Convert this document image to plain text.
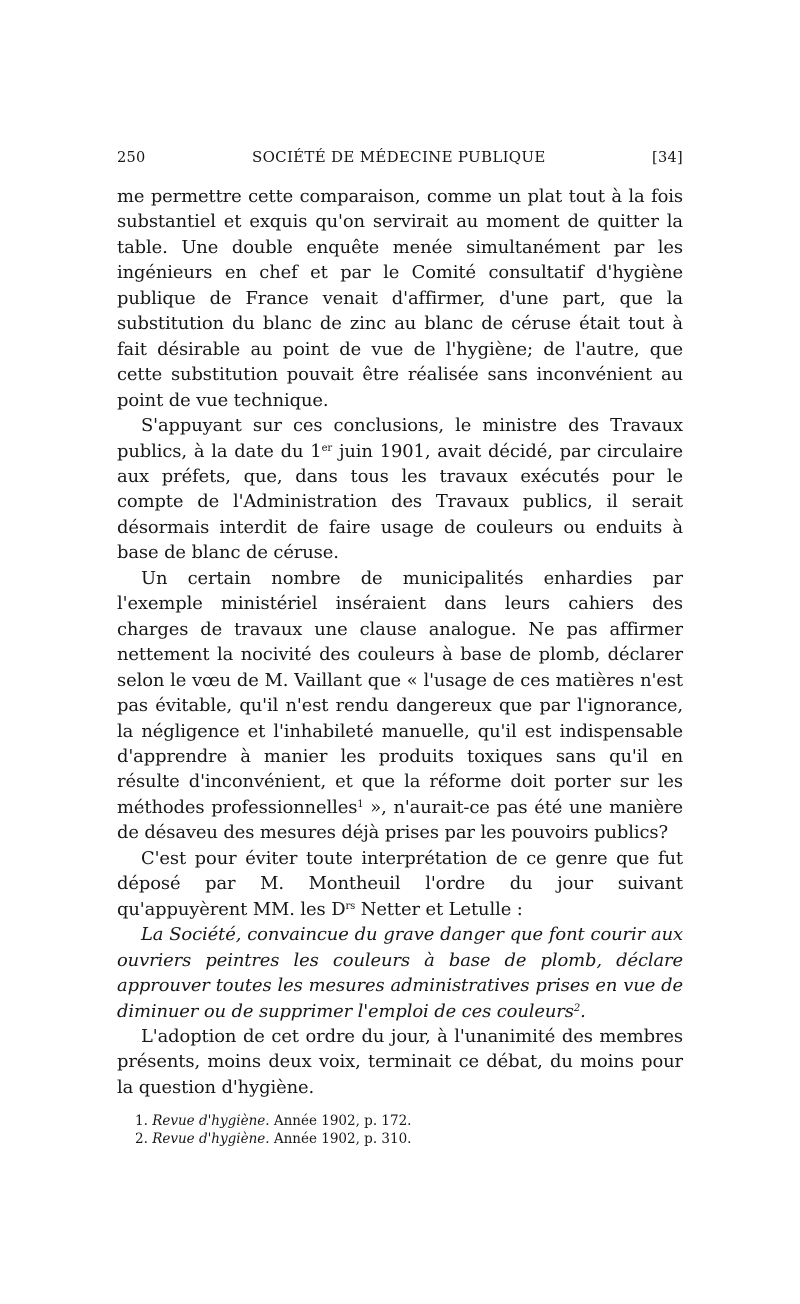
250	SOCIÉTÉ DE MÉDECINE PUBLIQUE	[34]

me permettre cette comparaison, comme un plat tout à la fois substantiel et exquis qu'on servirait au moment de quitter la table. Une double enquête menée simultanément par les ingénieurs en chef et par le Comité consultatif d'hygiène publique de France venait d'affirmer, d'une part, que la substitution du blanc de zinc au blanc de céruse était tout à fait désirable au point de vue de l'hygiène; de l'autre, que cette substitution pouvait être réalisée sans inconvénient au point de vue technique.

S'appuyant sur ces conclusions, le ministre des Travaux publics, à la date du 1er juin 1901, avait décidé, par circulaire aux préfets, que, dans tous les travaux exécutés pour le compte de l'Administration des Travaux publics, il serait désormais interdit de faire usage de couleurs ou enduits à base de blanc de céruse.

Un certain nombre de municipalités enhardies par l'exemple ministériel inséraient dans leurs cahiers des charges de travaux une clause analogue. Ne pas affirmer nettement la nocivité des couleurs à base de plomb, déclarer selon le vœu de M. Vaillant que « l'usage de ces matières n'est pas évitable, qu'il n'est rendu dangereux que par l'ignorance, la négligence et l'inhabileté manuelle, qu'il est indispensable d'apprendre à manier les produits toxiques sans qu'il en résulte d'inconvénient, et que la réforme doit porter sur les méthodes professionnelles$^1$ », n'aurait-ce pas été une manière de désaveu des mesures déjà prises par les pouvoirs publics?

C'est pour éviter toute interprétation de ce genre que fut déposé par M. Montheuil l'ordre du jour suivant qu'appuyèrent MM. les $D^{rs}$ Netter et Letulle :

La Société, convaincue du grave danger que font courir aux ouvriers peintres les couleurs à base de plomb, déclare approuver toutes les mesures administratives prises en vue de diminuer ou de supprimer l'emploi de ces couleurs$^2$.

L'adoption de cet ordre du jour, à l'unanimité des membres présents, moins deux voix, terminait ce débat, du moins pour la question d'hygiène.

1. Revue d'hygiène. Année 1902, p. 172.
2. Revue d'hygiène. Année 1902, p. 310.
